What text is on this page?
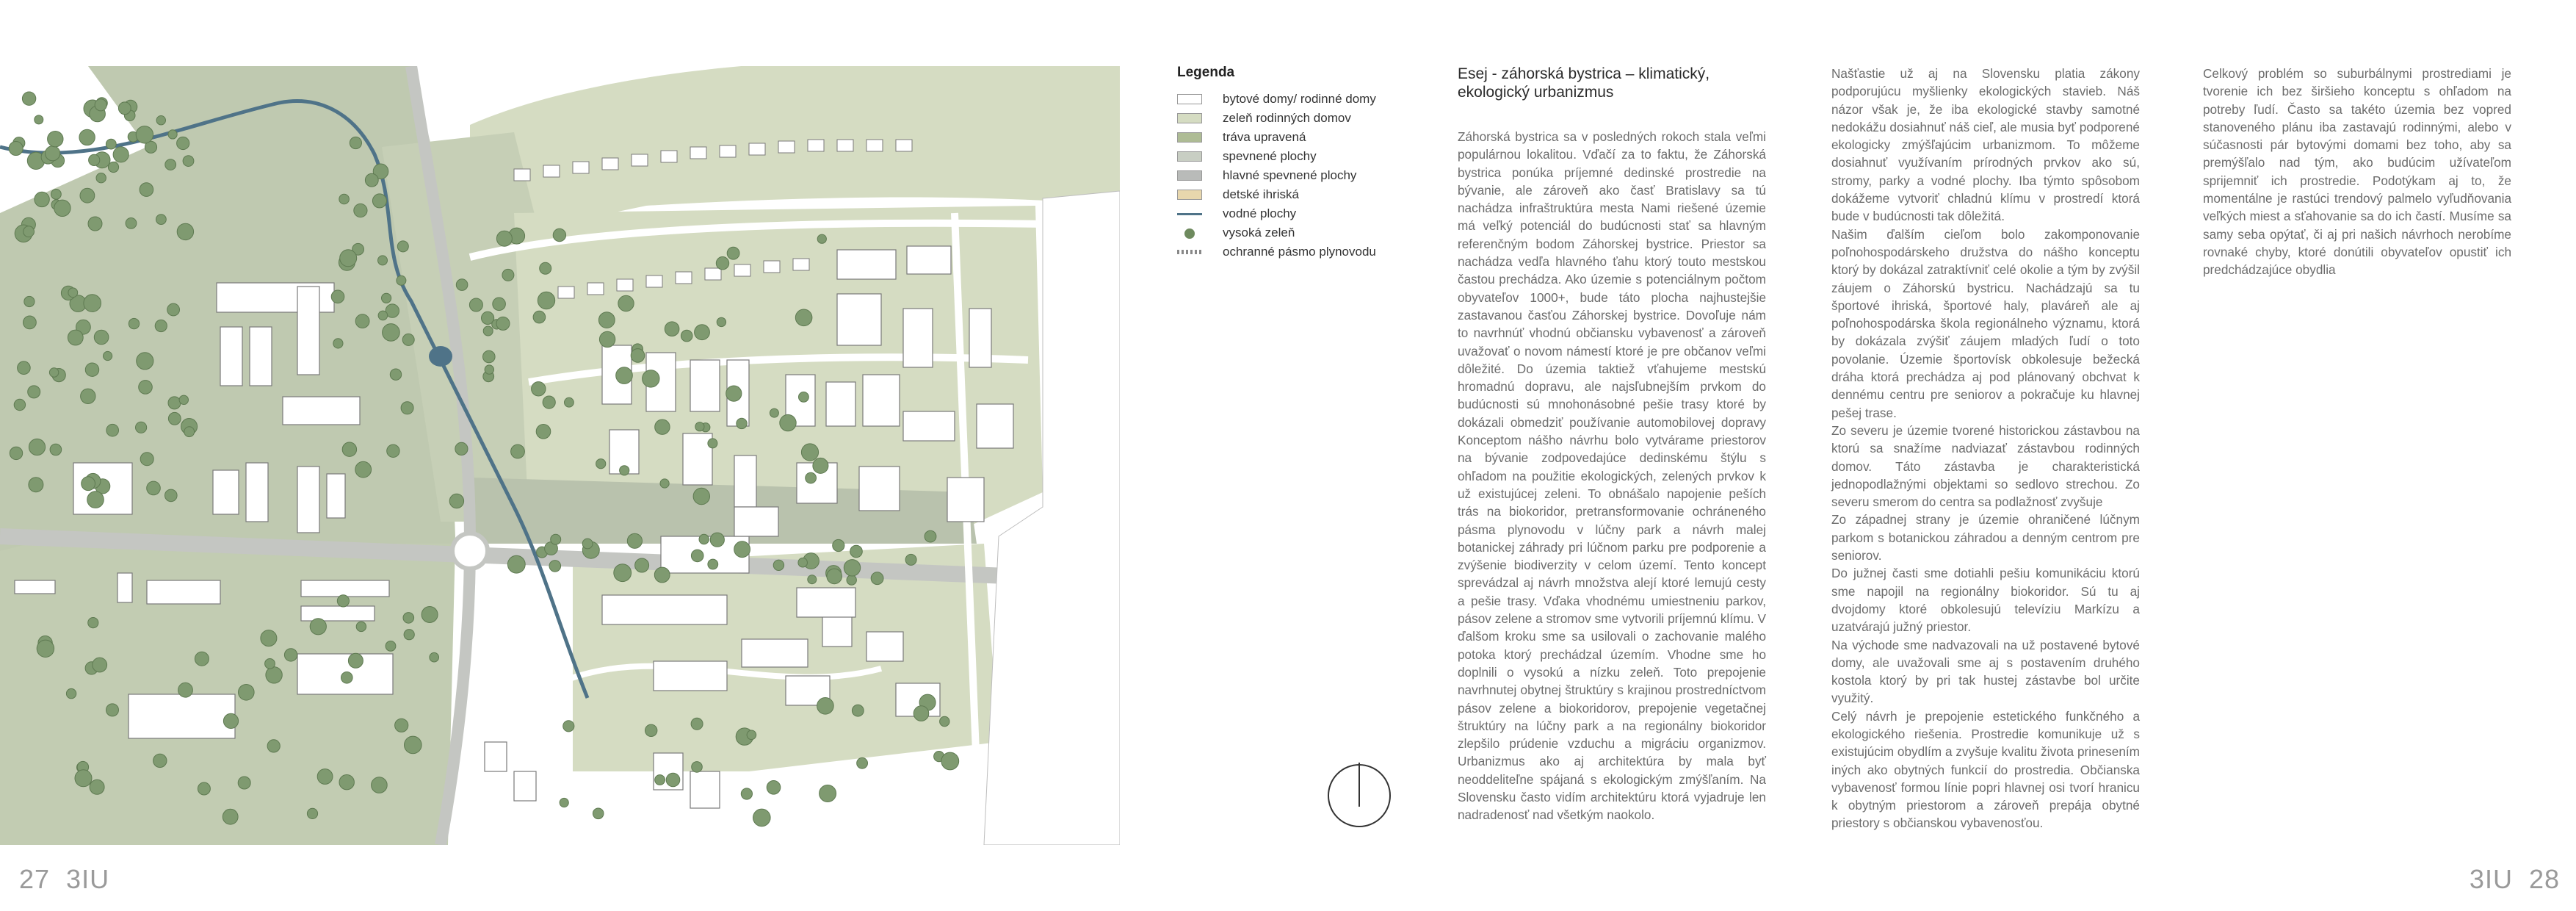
Legenda
bytové domy/ rodinné domy
zeleň rodinných domov
tráva upravená
spevnené plochy
hlavné spevnené plochy
detské ihriská
vodné plochy
vysoká zeleň
ochranné pásmo plynovodu
Esej - záhorská bystrica – klimatický, ekologický urbanizmus

Záhorská bystrica sa v posledných rokoch stala veľmi populárnou lokalitou. Vďačí za to faktu, že Záhorská bystrica ponúka príjemné dedinské prostredie na bývanie, ale zároveň ako časť Bratislavy sa tú nachádza infraštruktúra mesta Nami riešené územie má veľký potenciál do budúcnosti stať sa hlavným referenčným bodom Záhorskej bystrice. Priestor sa nachádza vedľa hlavného ťahu ktorý touto mestskou častou prechádza. Ako územie s potenciálnym počtom obyvateľov 1000+, bude táto plocha najhustejšie zastavanou časťou Záhorskej bystrice. Dovoľuje nám to navrhnúť vhodnú občiansku vybavenosť a zároveň uvažovať o novom námestí ktoré je pre občanov veľmi dôležité. Do územia taktiež vťahujeme mestskú hromadnú dopravu, ale najsľubnejším prvkom do budúcnosti sú mnohonásobné pešie trasy ktoré by dokázali obmedziť používanie automobilovej dopravy Konceptom nášho návrhu bolo vytvárame priestorov na bývanie zodpovedajúce dedinskému štýlu s ohľadom na použitie ekologických, zelených prvkov k už existujúcej zeleni. To obnášalo napojenie peších trás na biokoridor, pretransformovanie ochráneného pásma plynovodu v lúčny park a návrh malej botanickej záhrady pri lúčnom parku pre podporenie a zvýšenie biodiverzity v celom území. Tento koncept sprevádzal aj návrh množstva alejí ktoré lemujú cesty a pešie trasy. Vďaka vhodnému umiestneniu parkov, pásov zelene a stromov sme vytvorili príjemnú klímu. V ďalšom kroku sme sa usilovali o zachovanie malého potoka ktorý prechádzal územím. Vhodne sme ho doplnili o vysokú a nízku zeleň. Toto prepojenie navrhnutej obytnej štruktúry s krajinou prostredníctvom pásov zelene a biokoridorov, prepojenie vegetačnej štruktúry na lúčny park a na regionálny biokoridor zlepšilo prúdenie vzduchu a migráciu organizmov. Urbanizmus ako aj architektúra by mala byť neoddeliteľne spájaná s ekologickým zmýšľaním. Na Slovensku často vidím architektúru ktorá vyjadruje len nadradenosť nad všetkým naokolo.

Našťastie už aj na Slovensku platia zákony podporujúcu myšlienky ekologických stavieb. Náš názor však je, že iba ekologické stavby samotné nedokážu dosiahnuť náš cieľ, ale musia byť podporené ekologicky zmýšľajúcim urbanizmom. To môžeme dosiahnuť využívaním prírodných prvkov ako sú, stromy, parky a vodné plochy. Iba týmto spôsobom dokážeme vytvoriť chladnú klímu v prostredí ktorá bude v budúcnosti tak dôležitá.

Našim ďalším cieľom bolo zakomponovanie poľnohospodárskeho družstva do nášho konceptu ktorý by dokázal zatraktívniť celé okolie a tým by zvýšil záujem o Záhorskú bystricu. Nachádzajú sa tu športové ihriská, športové haly, plaváreň ale aj poľnohospodárska škola regionálneho významu, ktorá by dokázala zvýšiť záujem mladých ľudí o toto povolanie. Územie športovísk obkolesuje bežecká dráha ktorá prechádza aj pod plánovaný obchvat k dennému centru pre seniorov a pokračuje ku hlavnej pešej trase.

Zo severu je územie tvorené historickou zástavbou na ktorú sa snažíme nadviazať zástavbou rodinných domov. Táto zástavba je charakteristická jednopodlažnými objektami so sedlovo strechou. Zo severu smerom do centra sa podlažnosť zvyšuje

Zo západnej strany je územie ohraničené lúčnym parkom s botanickou záhradou a denným centrom pre seniorov.

Do južnej časti sme dotiahli pešiu komunikáciu ktorú sme napojil na regionálny biokoridor. Sú tu aj dvojdomy ktoré obkolesujú televíziu Markízu a uzatvárajú južný priestor.

Na východe sme nadvazovali na už postavené bytové domy, ale uvažovali sme aj s postavením druhého kostola ktorý by pri tak hustej zástavbe bol určite využitý.

Celý návrh je prepojenie estetického funkčného a ekologického riešenia. Prostredie komunikuje už s existujúcim obydlím a zvyšuje kvalitu života prinesením iných ako obytných funkcií do prostredia. Občianska vybavenosť formou línie popri hlavnej osi tvorí hranicu k obytným priestorom a zároveň prepája obytné priestory s občianskou vybavenosťou.

Celkový problém so suburbálnymi prostrediami je tvorenie ich bez širšieho konceptu s ohľadom na potreby ľudí. Často sa takéto územia bez vopred stanoveného plánu iba zastavajú rodinnými, alebo v súčasnosti pár bytovými domami bez toho, aby sa premýšľalo nad tým, ako budúcim užívateľom sprijemniť ich prostredie. Podotýkam aj to, že momentálne je rastúci trendový palmelo vyľudňovania veľkých miest a sťahovanie sa do ich častí. Musíme sa samy seba opýtať, či aj pri našich návrhoch nerobíme rovnaké chyby, ktoré donútili obyvateľov opustiť ich predchádzajúce obydlia

27 3IU	3IU 28
